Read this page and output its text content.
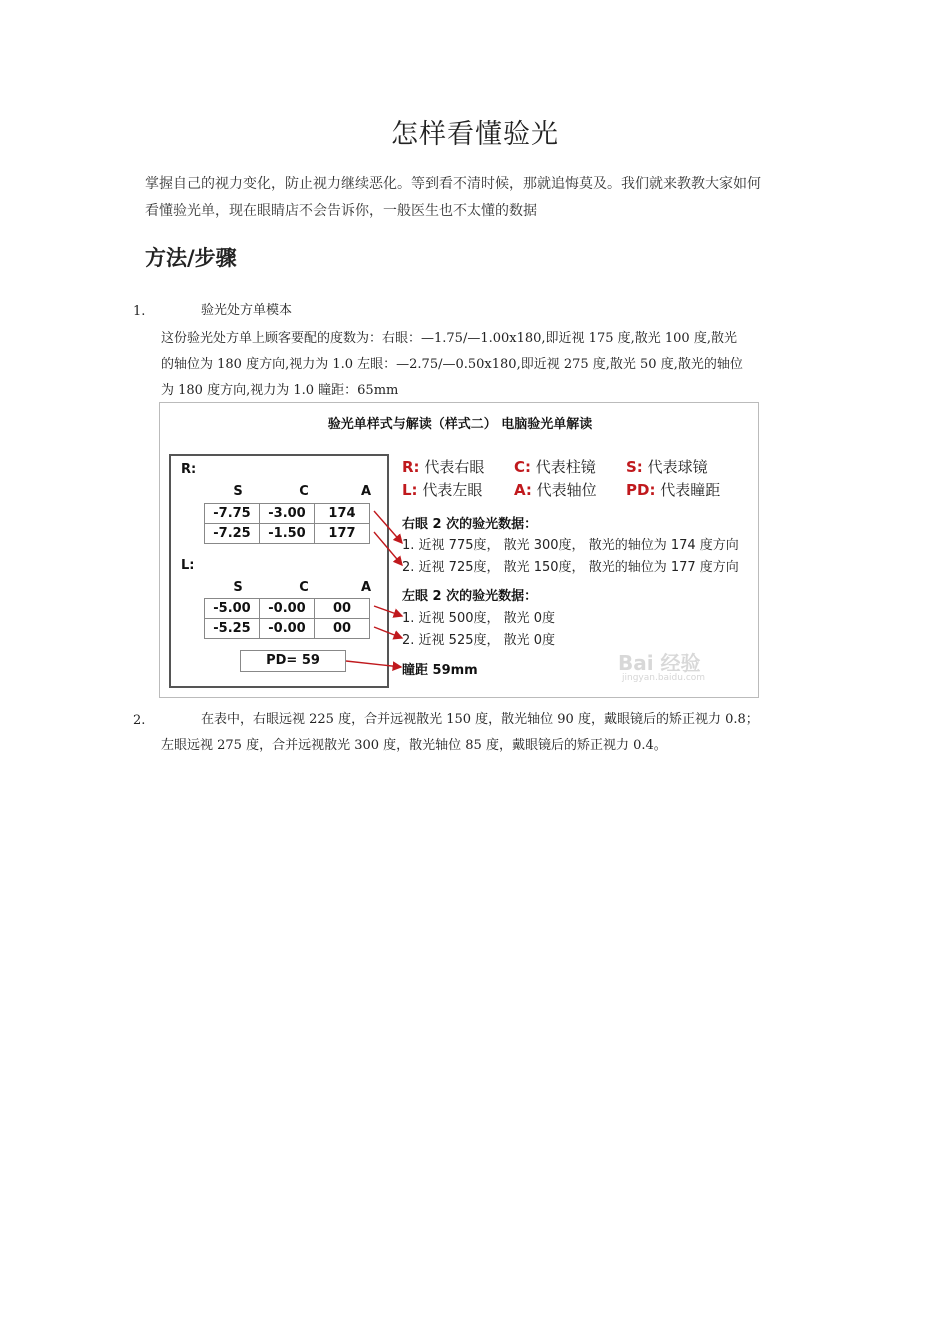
怎样看懂验光
掌握自己的视力变化，防止视力继续恶化。等到看不清时候，那就追悔莫及。我们就来教教大家如何
看懂验光单，现在眼睛店不会告诉你，一般医生也不太懂的数据
方法/步骤
1.	验光处方单模本
这份验光处方单上顾客要配的度数为：右眼：—1.75/—1.00x180,即近视 175 度,散光 100 度,散光
的轴位为 180 度方向,视力为 1.0 左眼：—2.75/—0.50x180,即近视 275 度,散光 50 度,散光的轴位
为 180 度方向,视力为 1.0 瞳距：65mm
验光单样式与解读（样式二） 电脑验光单解读
R:
S	C	A
-7.75	-3.00	174
-7.25	-1.50	177
L:
S	C	A
-5.00	-0.00	00
-5.25	-0.00	00
PD= 59
R: 代表右眼 C: 代表柱镜 S: 代表球镜
L: 代表左眼 A: 代表轴位 PD: 代表瞳距
右眼 2 次的验光数据：
1. 近视 775度， 散光 300度， 散光的轴位为 174 度方向
2. 近视 725度， 散光 150度， 散光的轴位为 177 度方向
左眼 2 次的验光数据：
1. 近视 500度， 散光 0度
2. 近视 525度， 散光 0度
瞳距 59mm	Bai 经验
jingyan.baidu.com
2.	在表中，右眼远视 225 度，合并远视散光 150 度，散光轴位 90 度，戴眼镜后的矫正视力 0.8；
左眼远视 275 度，合并远视散光 300 度，散光轴位 85 度，戴眼镜后的矫正视力 0.4。
